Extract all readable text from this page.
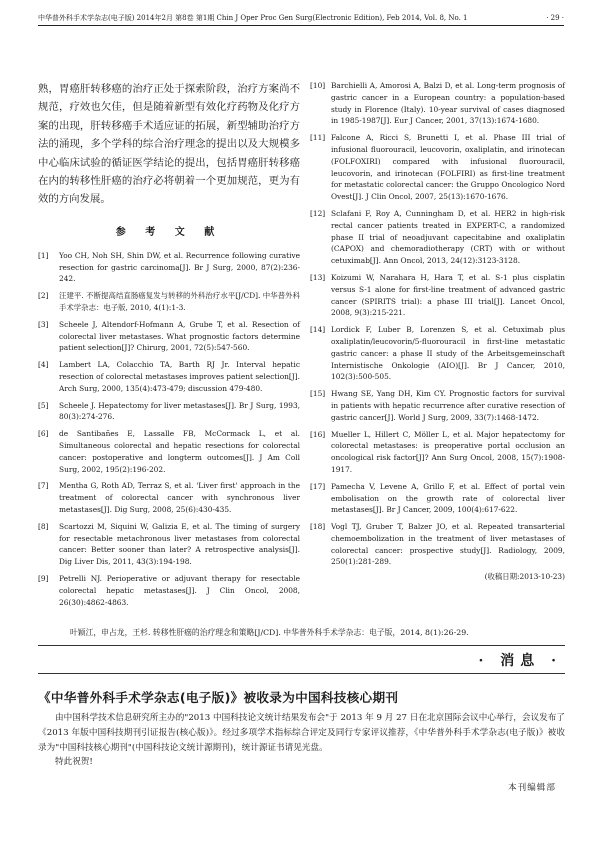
中华普外科手术学杂志(电子版) 2014年2月 第8卷 第1期 Chin J Oper Proc Gen Surg(Electronic Edition), Feb 2014, Vol. 8, No. 1	· 29 ·

熟，胃癌肝转移癌的治疗正处于探索阶段，治疗方案尚不规范，疗效也欠佳，但是随着新型有效化疗药物及化疗方案的出现，肝转移癌手术适应证的拓展，新型辅助治疗方法的涌现，多个学科的综合治疗理念的提出以及大规模多中心临床试验的循证医学结论的提出，包括胃癌肝转移癌在内的转移性肝癌的治疗必将朝着一个更加规范，更为有效的方向发展。

参 考 文 献
[1] Yoo CH, Noh SH, Shin DW, et al. Recurrence following curative resection for gastric carcinoma[J]. Br J Surg, 2000, 87(2):236-242.
[2] 汪建平. 不断提高结直肠癌复发与转移的外科治疗水平[J/CD]. 中华普外科手术学杂志：电子版, 2010, 4(1):1-3.
[3] Scheele J, Altendorf-Hofmann A, Grube T, et al. Resection of colorectal liver metastases. What prognostic factors determine patient selection[J]? Chirurg, 2001, 72(5):547-560.
[4] Lambert LA, Colacchio TA, Barth RJ Jr. Interval hepatic resection of colorectal metastases improves patient selection[J]. Arch Surg, 2000, 135(4):473-479; discussion 479-480.
[5] Scheele J. Hepatectomy for liver metastases[J]. Br J Surg, 1993, 80(3):274-276.
[6] de Santibañes E, Lassalle FB, McCormack L, et al. Simultaneous colorectal and hepatic resections for colorectal cancer: postoperative and longterm outcomes[J]. J Am Coll Surg, 2002, 195(2):196-202.
[7] Mentha G, Roth AD, Terraz S, et al. 'Liver first' approach in the treatment of colorectal cancer with synchronous liver metastases[J]. Dig Surg, 2008, 25(6):430-435.
[8] Scartozzi M, Siquini W, Galizia E, et al. The timing of surgery for resectable metachronous liver metastases from colorectal cancer: Better sooner than later? A retrospective analysis[J]. Dig Liver Dis, 2011, 43(3):194-198.
[9] Petrelli NJ. Perioperative or adjuvant therapy for resectable colorectal hepatic metastases[J]. J Clin Oncol, 2008, 26(30):4862-4863.
[10] Barchielli A, Amorosi A, Balzi D, et al. Long-term prognosis of gastric cancer in a European country: a population-based study in Florence (Italy). 10-year survival of cases diagnosed in 1985-1987[J]. Eur J Cancer, 2001, 37(13):1674-1680.
[11] Falcone A, Ricci S, Brunetti I, et al. Phase III trial of infusional fluorouracil, leucovorin, oxaliplatin, and irinotecan (FOLFOXIRI) compared with infusional fluorouracil, leucovorin, and irinotecan (FOLFIRI) as first-line treatment for metastatic colorectal cancer: the Gruppo Oncologico Nord Ovest[J]. J Clin Oncol, 2007, 25(13):1670-1676.
[12] Sclafani F, Roy A, Cunningham D, et al. HER2 in high-risk rectal cancer patients treated in EXPERT-C, a randomized phase II trial of neoadjuvant capecitabine and oxaliplatin (CAPOX) and chemoradiotherapy (CRT) with or without cetuximab[J]. Ann Oncol, 2013, 24(12):3123-3128.
[13] Koizumi W, Narahara H, Hara T, et al. S-1 plus cisplatin versus S-1 alone for first-line treatment of advanced gastric cancer (SPIRITS trial): a phase III trial[J]. Lancet Oncol, 2008, 9(3):215-221.
[14] Lordick F, Luber B, Lorenzen S, et al. Cetuximab plus oxaliplatin/leucovorin/5-fluorouracil in first-line metastatic gastric cancer: a phase II study of the Arbeitsgemeinschaft Internistische Onkologie (AIO)[J]. Br J Cancer, 2010, 102(3):500-505.
[15] Hwang SE, Yang DH, Kim CY. Prognostic factors for survival in patients with hepatic recurrence after curative resection of gastric cancer[J]. World J Surg, 2009, 33(7):1468-1472.
[16] Mueller L, Hillert C, Möller L, et al. Major hepatectomy for colorectal metastases: is preoperative portal occlusion an oncological risk factor[J]? Ann Surg Oncol, 2008, 15(7):1908-1917.
[17] Pamecha V, Levene A, Grillo F, et al. Effect of portal vein embolisation on the growth rate of colorectal liver metastases[J]. Br J Cancer, 2009, 100(4):617-622.
[18] Vogl TJ, Gruber T, Balzer JO, et al. Repeated transarterial chemoembolization in the treatment of liver metastases of colorectal cancer: prospective study[J]. Radiology, 2009, 250(1):281-289.
(收稿日期:2013-10-23)
叶颖江，申占龙，王杉. 转移性肝癌的治疗理念和策略[J/CD]. 中华普外科手术学杂志：电子版，2014, 8(1):26-29.
· 消息 ·
《中华普外科手术学杂志(电子版)》被收录为中国科技核心期刊

由中国科学技术信息研究所主办的"2013 中国科技论文统计结果发布会"于 2013 年 9 月 27 日在北京国际会议中心举行，会议发布了《2013 年版中国科技期刊引证报告(核心版)》。经过多项学术指标综合评定及同行专家评议推荐，《中华普外科手术学杂志(电子版)》被收录为"中国科技核心期刊"(中国科技论文统计源期刊)，统计源证书请见光盘。

特此祝贺!

本刊编辑部
